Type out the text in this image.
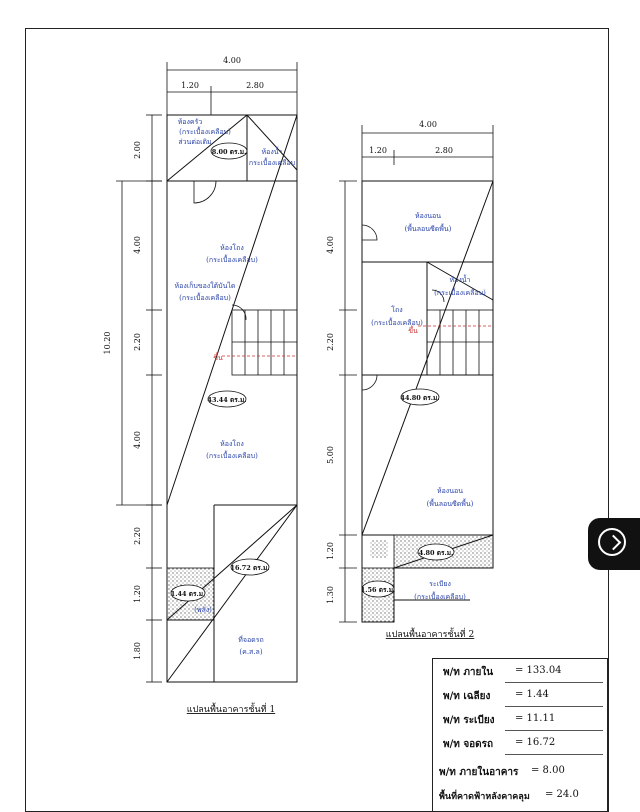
4.00
1.20	2.80
2.00
4.00
2.20
4.00
2.20
1.20
1.80
10.20
ห้องครัว
(กระเบื้องเคลือบ)
ส่วนต่อเติม
8.00 ตร.ม. ห้องน้ำ
กระเบื้องเคลือบ
ห้องโถง
(กระเบื้องเคลือบ)
ห้องเก็บของใต้บันได
(กระเบื้องเคลือบ)
ขึ้น
43.44 ตร.ม.
ห้องโถง
(กระเบื้องเคลือบ)
1.44 ตร.ม.
(พลัง)
16.72 ตร.ม.
ที่จอดรถ
(ค.ส.ล)
แปลนพื้นอาคารชั้นที่ 1
4.00
1.20	2.80
4.00
2.20
5.00
1.20
1.30
ห้องนอน
(พื้นลอนซีดพื้น)
ห้องน้ำ
(กระเบื้องเคลือบ)
โถง
(กระเบื้องเคลือบ)
ขึ้น
44.80 ตร.ม.
ห้องนอน
(พื้นลอนซีดพื้น)
4.80 ตร.ม.
1.56 ตร.ม.
ระเบียง
(กระเบื้องเคลือบ)
แปลนพื้นอาคารชั้นที่ 2
พ/ท ภายใน = 133.04
พ/ท เฉลียง = 1.44
พ/ท ระเบียง = 11.11
พ/ท จอดรถ = 16.72
พ/ท ภายในอาคาร = 8.00
พื้นที่คาดฟ้าหลังคาคลุม = 24.0
